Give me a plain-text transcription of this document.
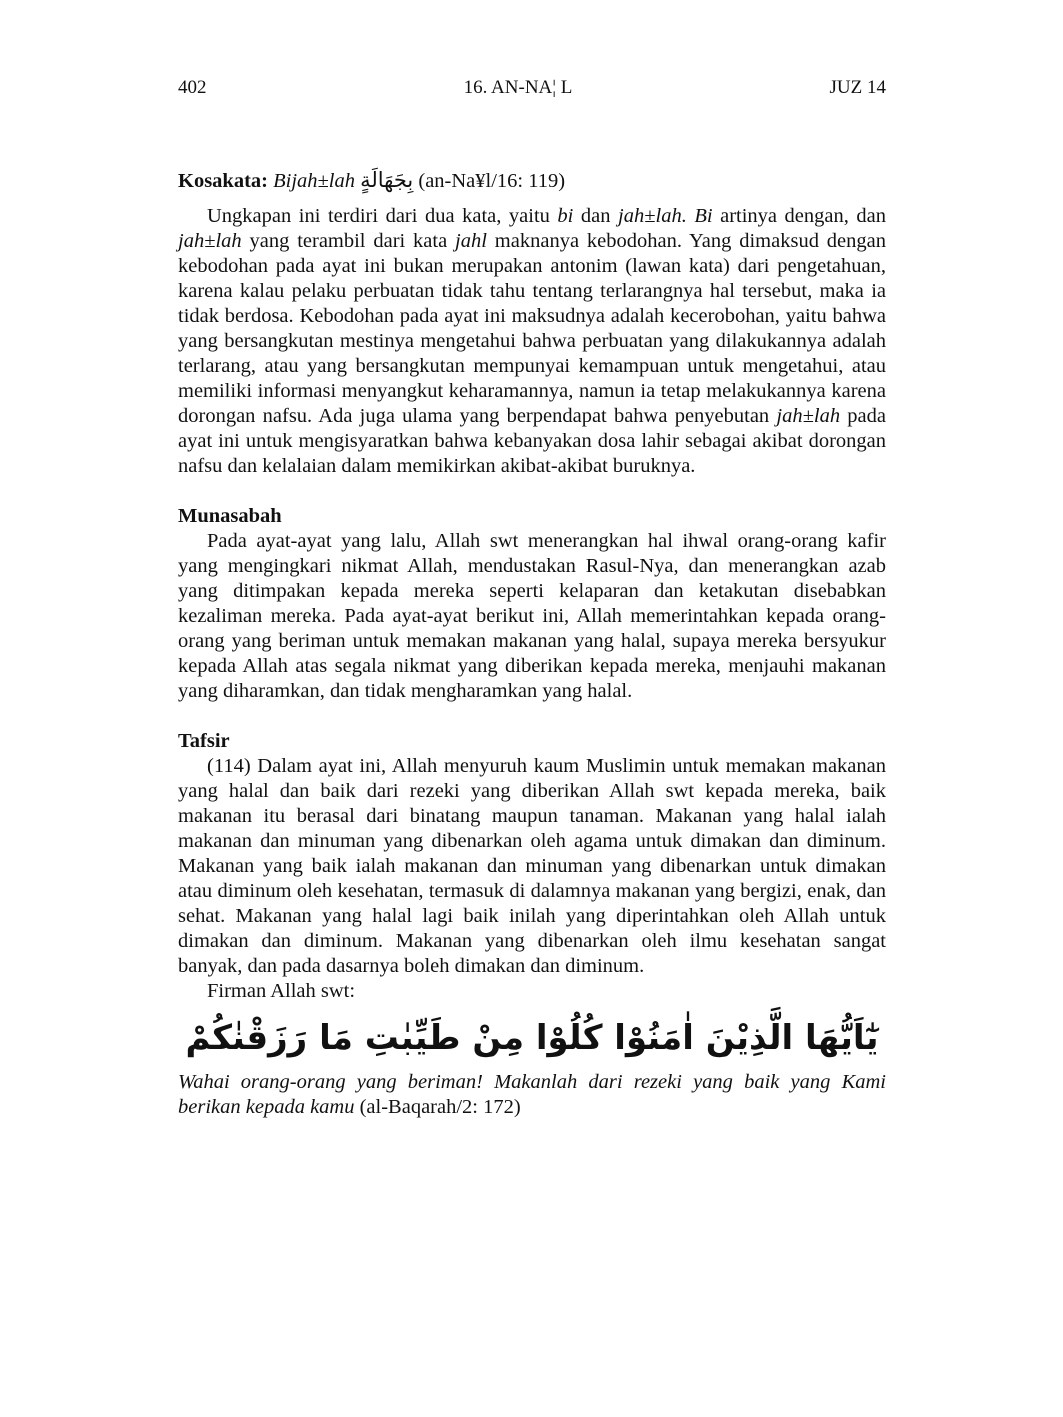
402	16. AN-NA¦ L	JUZ 14

Kosakata: Bijah±lah بِجَهَالَةٍ (an-Na¥l/16: 119)

Ungkapan ini terdiri dari dua kata, yaitu bi dan jah±lah. Bi artinya dengan, dan jah±lah yang terambil dari kata jahl maknanya kebodohan. Yang dimaksud dengan kebodohan pada ayat ini bukan merupakan antonim (lawan kata) dari pengetahuan, karena kalau pelaku perbuatan tidak tahu tentang terlarangnya hal tersebut, maka ia tidak berdosa. Kebodohan pada ayat ini maksudnya adalah kecerobohan, yaitu bahwa yang bersangkutan mestinya mengetahui bahwa perbuatan yang dilakukannya adalah terlarang, atau yang bersangkutan mempunyai kemampuan untuk mengetahui, atau memiliki informasi menyangkut keharamannya, namun ia tetap melakukannya karena dorongan nafsu. Ada juga ulama yang berpendapat bahwa penyebutan jah±lah pada ayat ini untuk mengisyaratkan bahwa kebanyakan dosa lahir sebagai akibat dorongan nafsu dan kelalaian dalam memikirkan akibat-akibat buruknya.

Munasabah

Pada ayat-ayat yang lalu, Allah swt menerangkan hal ihwal orang-orang kafir yang mengingkari nikmat Allah, mendustakan Rasul-Nya, dan menerangkan azab yang ditimpakan kepada mereka seperti kelaparan dan ketakutan disebabkan kezaliman mereka. Pada ayat-ayat berikut ini, Allah memerintahkan kepada orang-orang yang beriman untuk memakan makanan yang halal, supaya mereka bersyukur kepada Allah atas segala nikmat yang diberikan kepada mereka, menjauhi makanan yang diharamkan, dan tidak mengharamkan yang halal.

Tafsir

(114) Dalam ayat ini, Allah menyuruh kaum Muslimin untuk memakan makanan yang halal dan baik dari rezeki yang diberikan Allah swt kepada mereka, baik makanan itu berasal dari binatang maupun tanaman. Makanan yang halal ialah makanan dan minuman yang dibenarkan oleh agama untuk dimakan dan diminum. Makanan yang baik ialah makanan dan minuman yang dibenarkan untuk dimakan atau diminum oleh kesehatan, termasuk di dalamnya makanan yang bergizi, enak, dan sehat. Makanan yang halal lagi baik inilah yang diperintahkan oleh Allah untuk dimakan dan diminum. Makanan yang dibenarkan oleh ilmu kesehatan sangat banyak, dan pada dasarnya boleh dimakan dan diminum.

Firman Allah swt:

يٰٓاَيُّهَا الَّذِيْنَ اٰمَنُوْا كُلُوْا مِنْ طَيِّبٰتِ مَا رَزَقْنٰكُمْ

Wahai orang-orang yang beriman! Makanlah dari rezeki yang baik yang Kami berikan kepada kamu (al-Baqarah/2: 172)
